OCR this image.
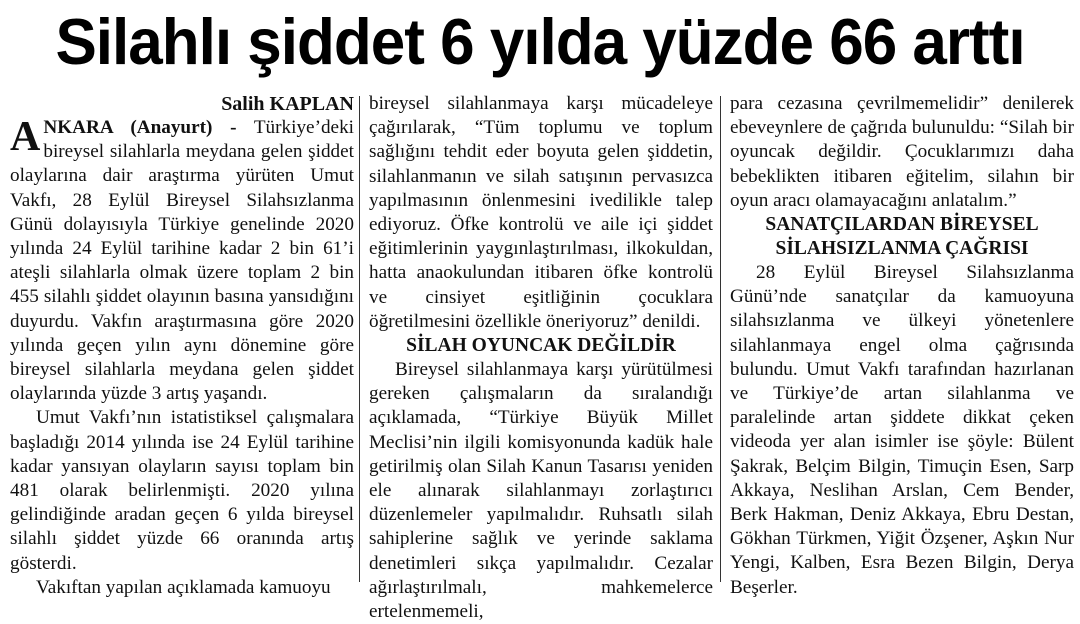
Silahlı şiddet 6 yılda yüzde 66 arttı

Salih KAPLAN

ANKARA (Anayurt) - Türkiye’deki bireysel silahlarla meydana gelen şiddet olaylarına dair araştırma yürüten Umut Vakfı, 28 Eylül Bireysel Silahsızlanma Günü dolayısıyla Türkiye genelinde 2020 yılında 24 Eylül tarihine kadar 2 bin 61’i ateşli silahlarla olmak üzere toplam 2 bin 455 silahlı şiddet olayının basına yansıdığını duyurdu. Vakfın araştırmasına göre 2020 yılında geçen yılın aynı dönemine göre bireysel silahlarla meydana gelen şiddet olaylarında yüzde 3 artış yaşandı.

Umut Vakfı’nın istatistiksel çalışmalara başladığı 2014 yılında ise 24 Eylül tarihine kadar yansıyan olayların sayısı toplam bin 481 olarak belirlenmişti. 2020 yılına gelindiğinde aradan geçen 6 yılda bireysel silahlı şiddet yüzde 66 oranında artış gösterdi.

Vakıftan yapılan açıklamada kamuoyu

bireysel silahlanmaya karşı mücadeleye çağırılarak, “Tüm toplumu ve toplum sağlığını tehdit eder boyuta gelen şiddetin, silahlanmanın ve silah satışının pervasızca yapılmasının önlenmesini ivedilikle talep ediyoruz. Öfke kontrolü ve aile içi şiddet eğitimlerinin yaygınlaştırılması, ilkokuldan, hatta anaokulundan itibaren öfke kontrolü ve cinsiyet eşitliğinin çocuklara öğretilmesini özellikle öneriyoruz” denildi.

SİLAH OYUNCAK DEĞİLDİR

Bireysel silahlanmaya karşı yürütülmesi gereken çalışmaların da sıralandığı açıklamada, “Türkiye Büyük Millet Meclisi’nin ilgili komisyonunda kadük hale getirilmiş olan Silah Kanun Tasarısı yeniden ele alınarak silahlanmayı zorlaştırıcı düzenlemeler yapılmalıdır. Ruhsatlı silah sahiplerine sağlık ve yerinde saklama denetimleri sıkça yapılmalıdır. Cezalar ağırlaştırılmalı, mahkemelerce ertelenmemeli,

para cezasına çevrilmemelidir” denilerek ebeveynlere de çağrıda bulunuldu: “Silah bir oyuncak değildir. Çocuklarımızı daha bebeklikten itibaren eğitelim, silahın bir oyun aracı olamayacağını anlatalım.”

SANATÇILARDAN BİREYSEL
SİLAHSIZLANMA ÇAĞRISI

28 Eylül Bireysel Silahsızlanma Günü’nde sanatçılar da kamuoyuna silahsızlanma ve ülkeyi yönetenlere silahlanmaya engel olma çağrısında bulundu. Umut Vakfı tarafından hazırlanan ve Türkiye’de artan silahlanma ve paralelinde artan şiddete dikkat çeken videoda yer alan isimler ise şöyle: Bülent Şakrak, Belçim Bilgin, Timuçin Esen, Sarp Akkaya, Neslihan Arslan, Cem Bender, Berk Hakman, Deniz Akkaya, Ebru Destan, Gökhan Türkmen, Yiğit Özşener, Aşkın Nur Yengi, Kalben, Esra Bezen Bilgin, Derya Beşerler.
